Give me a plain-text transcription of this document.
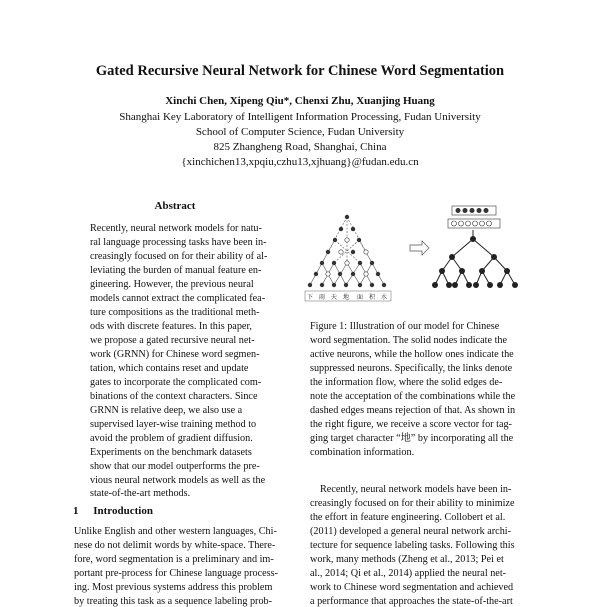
Gated Recursive Neural Network for Chinese Word Segmentation
Xinchi Chen, Xipeng Qiu*, Chenxi Zhu, Xuanjing Huang
Shanghai Key Laboratory of Intelligent Information Processing, Fudan University
School of Computer Science, Fudan University
825 Zhangheng Road, Shanghai, China
{xinchichen13,xpqiu,czhu13,xjhuang}@fudan.edu.cn
Abstract
Recently, neural network models for natu-
ral language processing tasks have been in-
creasingly focused on for their ability of al-
leviating the burden of manual feature en-
gineering. However, the previous neural
models cannot extract the complicated fea-
ture compositions as the traditional meth-
ods with discrete features. In this paper,
we propose a gated recursive neural net-
work (GRNN) for Chinese word segmen-
tation, which contains reset and update
gates to incorporate the complicated com-
binations of the context characters. Since
GRNN is relative deep, we also use a
supervised layer-wise training method to
avoid the problem of gradient diffusion.
Experiments on the benchmark datasets
show that our model outperforms the pre-
vious neural network models as well as the
state-of-the-art methods.
下 雨 天 地 面 积 水
Figure 1: Illustration of our model for Chinese
word segmentation. The solid nodes indicate the
active neurons, while the hollow ones indicate the
suppressed neurons. Specifically, the links denote
the information flow, where the solid edges de-
note the acceptation of the combinations while the
dashed edges means rejection of that. As shown in
the right figure, we receive a score vector for tag-
ging target character “地” by incorporating all the
combination information.
1 Introduction
Unlike English and other western languages, Chi-
nese do not delimit words by white-space. There-
fore, word segmentation is a preliminary and im-
portant pre-process for Chinese language process-
ing. Most previous systems address this problem
by treating this task as a sequence labeling prob-
Recently, neural network models have been in-
creasingly focused on for their ability to minimize
the effort in feature engineering. Collobert et al.
(2011) developed a general neural network archi-
tecture for sequence labeling tasks. Following this
work, many methods (Zheng et al., 2013; Pei et
al., 2014; Qi et al., 2014) applied the neural net-
work to Chinese word segmentation and achieved
a performance that approaches the state-of-the-art
